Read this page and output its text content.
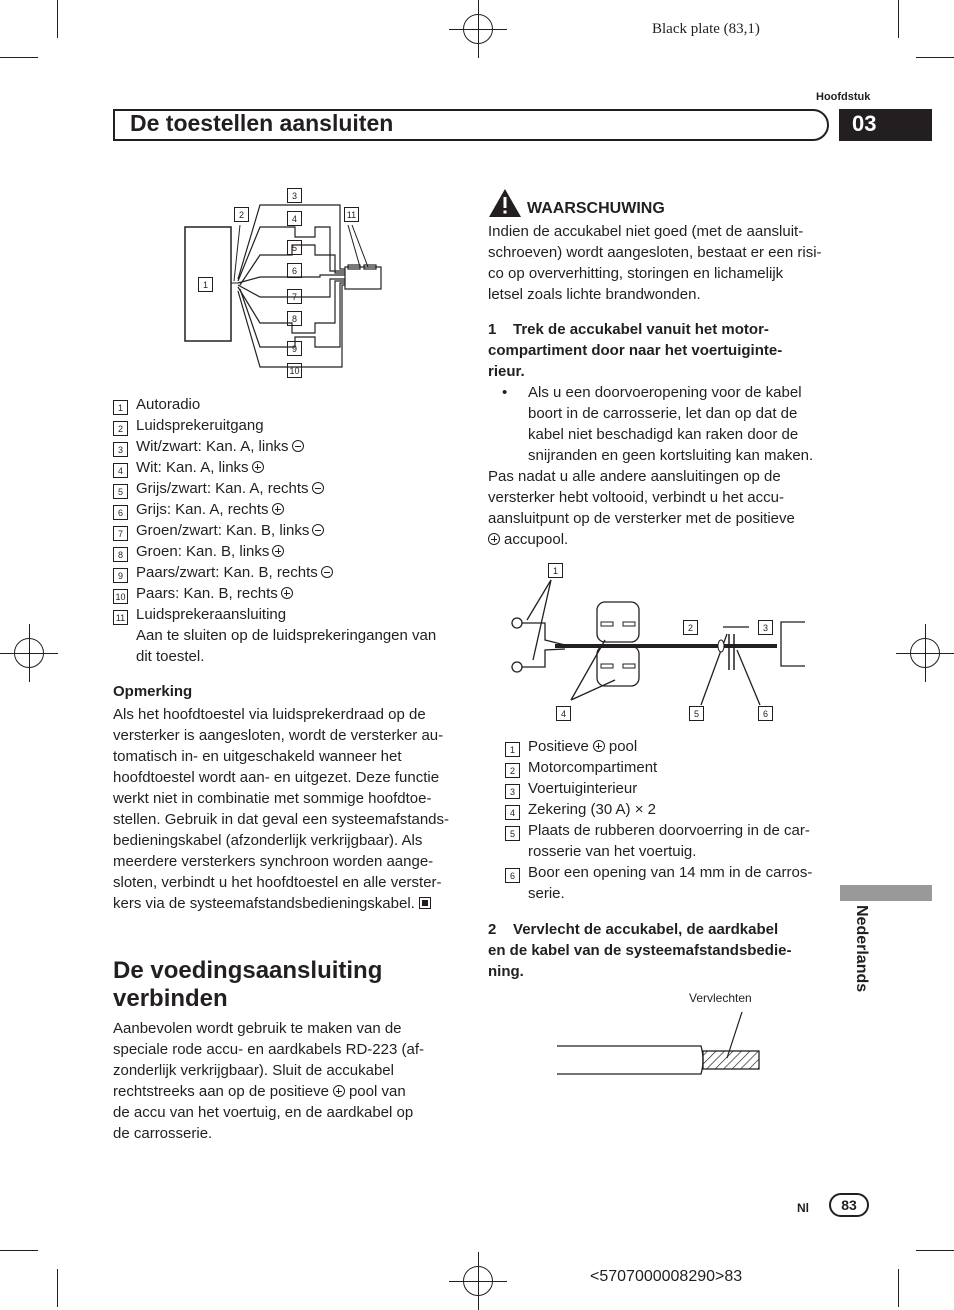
Black plate (83,1)
Hoofdstuk
De toestellen aansluiten	03
1
2
3
4
5
6
7
8
9
10
11
1 Autoradio
2 Luidsprekeruitgang
3 Wit/zwart: Kan. A, links
4 Wit: Kan. A, links
5 Grijs/zwart: Kan. A, rechts
6 Grijs: Kan. A, rechts
7 Groen/zwart: Kan. B, links
8 Groen: Kan. B, links
9 Paars/zwart: Kan. B, rechts
10 Paars: Kan. B, rechts
11 Luidsprekeraansluiting
Aan te sluiten op de luidsprekeringangen van
dit toestel.
Opmerking
Als het hoofdtoestel via luidsprekerdraad op de
versterker is aangesloten, wordt de versterker au-
tomatisch in- en uitgeschakeld wanneer het
hoofdtoestel wordt aan- en uitgezet. Deze functie
werkt niet in combinatie met sommige hoofdtoe-
stellen. Gebruik in dat geval een systeemafstands-
bedieningskabel (afzonderlijk verkrijgbaar). Als
meerdere versterkers synchroon worden aange-
sloten, verbindt u het hoofdtoestel en alle verster-
kers via de systeemafstandsbedieningskabel.
De voedingsaansluiting
verbinden
Aanbevolen wordt gebruik te maken van de
speciale rode accu- en aardkabels RD-223 (af-
zonderlijk verkrijgbaar). Sluit de accukabel
rechtstreeks aan op de positieve pool van
de accu van het voertuig, en de aardkabel op
de carrosserie.
WAARSCHUWING
Indien de accukabel niet goed (met de aansluit-
schroeven) wordt aangesloten, bestaat er een risi-
co op oververhitting, storingen en lichamelijk
letsel zoals lichte brandwonden.
1    Trek de accukabel vanuit het motor-
compartiment door naar het voertuiginte-
rieur.
•	Als u een doorvoeropening voor de kabel
boort in de carrosserie, let dan op dat de
kabel niet beschadigd kan raken door de
snijranden en geen kortsluiting kan maken.
Pas nadat u alle andere aansluitingen op de
versterker hebt voltooid, verbindt u het accu-
aansluitpunt op de versterker met de positieve
accupool.
1
2	3
4	5	6
1 Positieve pool
2 Motorcompartiment
3 Voertuiginterieur
4 Zekering (30 A) × 2
5 Plaats de rubberen doorvoerring in de car-
rosserie van het voertuig.
6 Boor een opening van 14 mm in de carros-
serie.
2    Vervlecht de accukabel, de aardkabel
en de kabel van de systeemafstandsbedie-
ning.
Vervlechten
Nederlands
Nl	83
<5707000008290>83
